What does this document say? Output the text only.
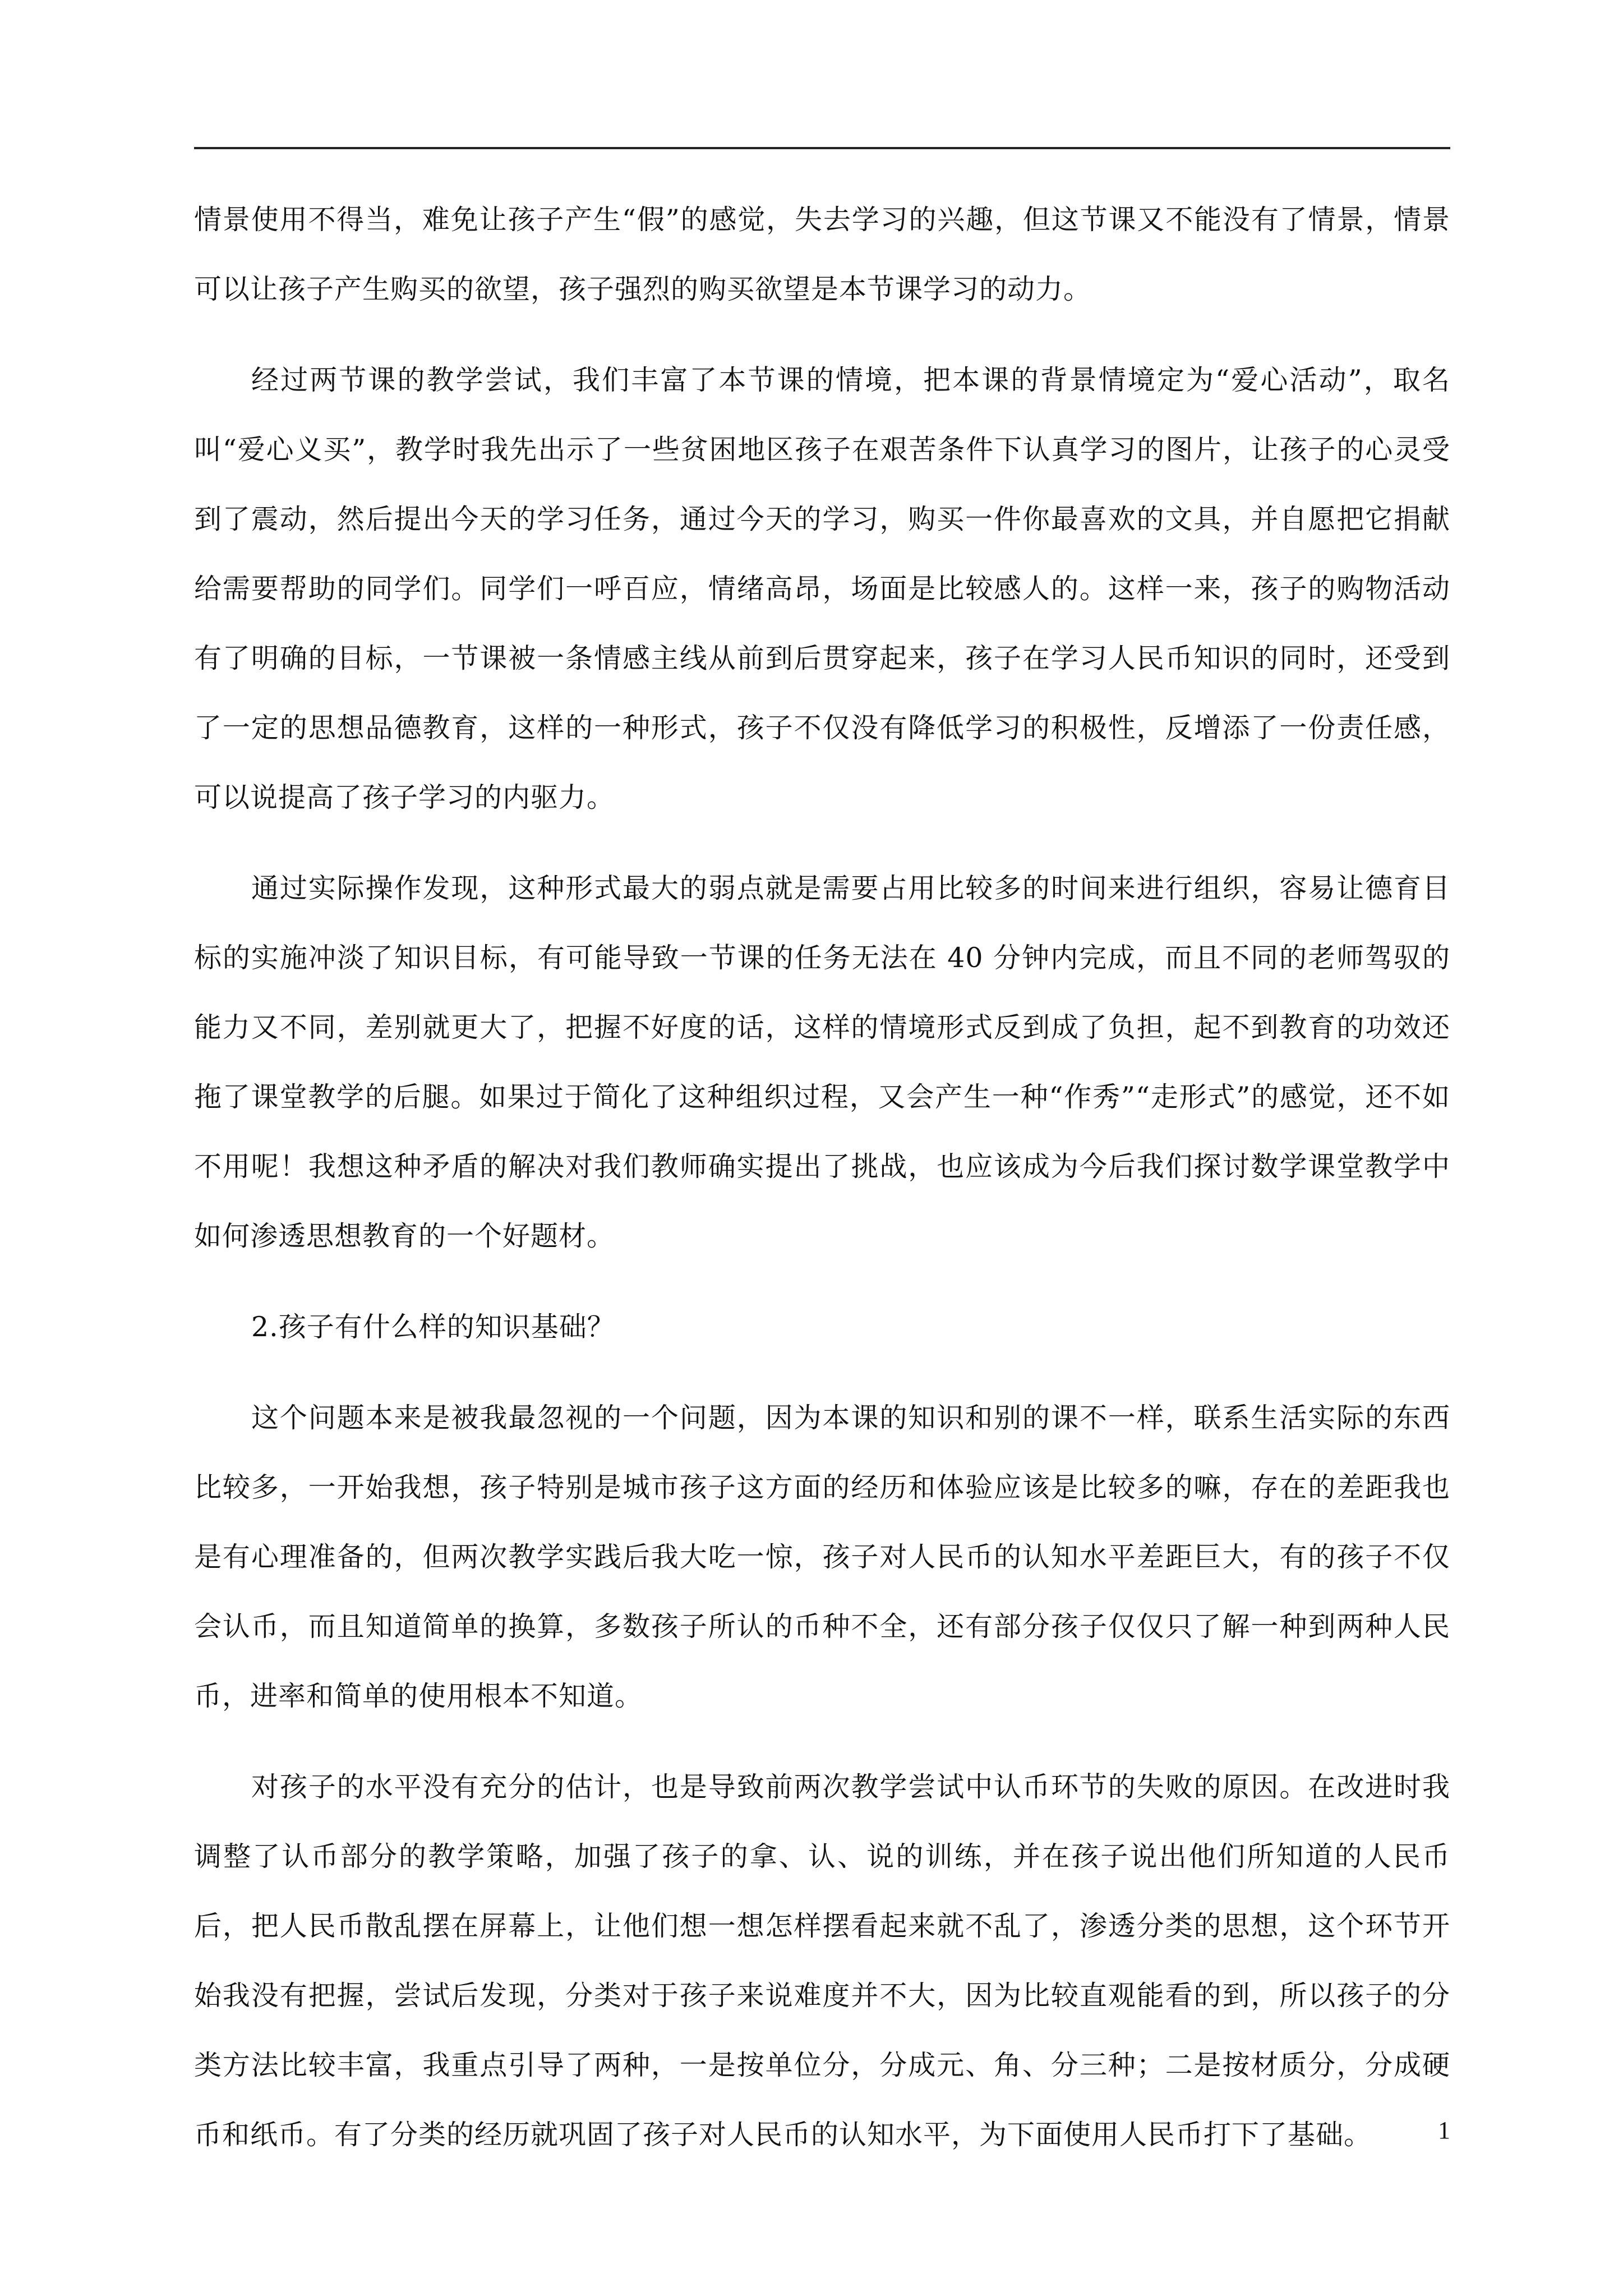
情景使用不得当，难免让孩子产生“假”的感觉，失去学习的兴趣，但这节课又不能没有了情景，情景可以让孩子产生购买的欲望，孩子强烈的购买欲望是本节课学习的动力。

经过两节课的教学尝试，我们丰富了本节课的情境，把本课的背景情境定为“爱心活动”，取名叫“爱心义买”，教学时我先出示了一些贫困地区孩子在艰苦条件下认真学习的图片，让孩子的心灵受到了震动，然后提出今天的学习任务，通过今天的学习，购买一件你最喜欢的文具，并自愿把它捐献给需要帮助的同学们。同学们一呼百应，情绪高昂，场面是比较感人的。这样一来，孩子的购物活动有了明确的目标，一节课被一条情感主线从前到后贯穿起来，孩子在学习人民币知识的同时，还受到了一定的思想品德教育，这样的一种形式，孩子不仅没有降低学习的积极性，反增添了一份责任感，可以说提高了孩子学习的内驱力。

通过实际操作发现，这种形式最大的弱点就是需要占用比较多的时间来进行组织，容易让德育目标的实施冲淡了知识目标，有可能导致一节课的任务无法在 40 分钟内完成，而且不同的老师驾驭的能力又不同，差别就更大了，把握不好度的话，这样的情境形式反到成了负担，起不到教育的功效还拖了课堂教学的后腿。如果过于简化了这种组织过程，又会产生一种“作秀”“走形式”的感觉，还不如不用呢！我想这种矛盾的解决对我们教师确实提出了挑战，也应该成为今后我们探讨数学课堂教学中如何渗透思想教育的一个好题材。

2.孩子有什么样的知识基础？

这个问题本来是被我最忽视的一个问题，因为本课的知识和别的课不一样，联系生活实际的东西比较多，一开始我想，孩子特别是城市孩子这方面的经历和体验应该是比较多的嘛，存在的差距我也是有心理准备的，但两次教学实践后我大吃一惊，孩子对人民币的认知水平差距巨大，有的孩子不仅会认币，而且知道简单的换算，多数孩子所认的币种不全，还有部分孩子仅仅只了解一种到两种人民币，进率和简单的使用根本不知道。

对孩子的水平没有充分的估计，也是导致前两次教学尝试中认币环节的失败的原因。在改进时我调整了认币部分的教学策略，加强了孩子的拿、认、说的训练，并在孩子说出他们所知道的人民币后，把人民币散乱摆在屏幕上，让他们想一想怎样摆看起来就不乱了，渗透分类的思想，这个环节开始我没有把握，尝试后发现，分类对于孩子来说难度并不大，因为比较直观能看的到，所以孩子的分类方法比较丰富，我重点引导了两种，一是按单位分，分成元、角、分三种；二是按材质分，分成硬币和纸币。有了分类的经历就巩固了孩子对人民币的认知水平，为下面使用人民币打下了基础。	1
